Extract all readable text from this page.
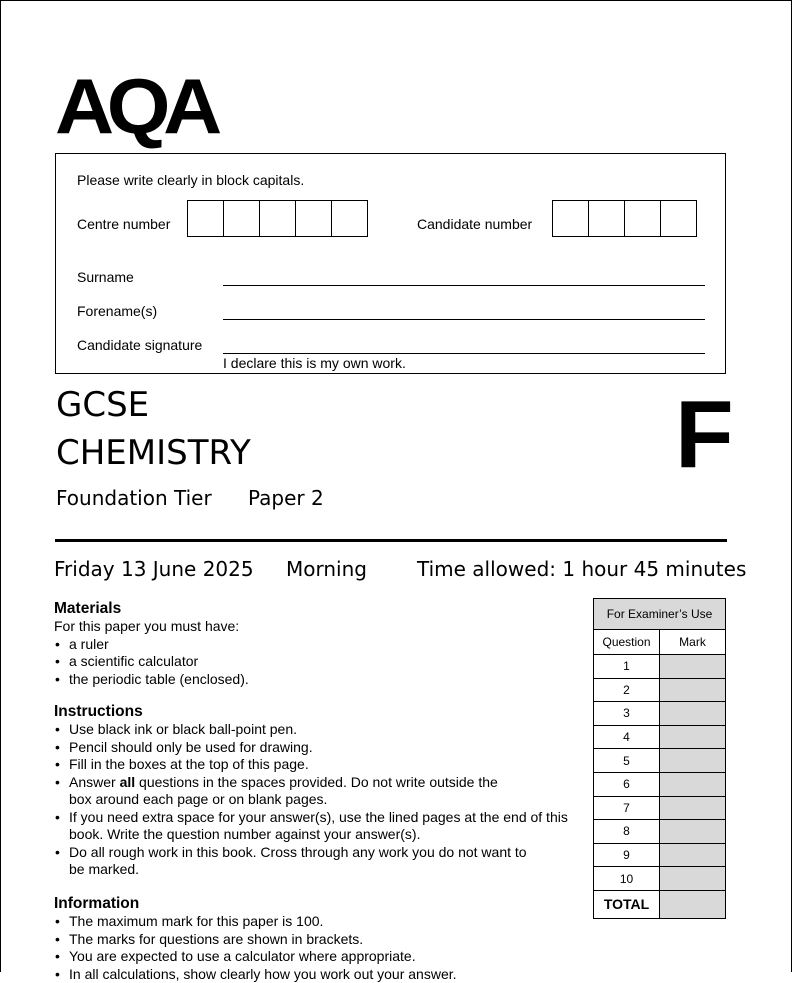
AQA
Please write clearly in block capitals.
Centre number	Candidate number
Surname
Forename(s)
Candidate signature
I declare this is my own work.
GCSE
CHEMISTRY
Foundation Tier Paper 2
F
Friday 13 June 2025 Morning	Time allowed: 1 hour 45 minutes
Materials
For this paper you must have:
• a ruler
• a scientific calculator
• the periodic table (enclosed).
Instructions
• Use black ink or black ball-point pen.
• Pencil should only be used for drawing.
• Fill in the boxes at the top of this page.
• Answer all questions in the spaces provided. Do not write outside the box around each page or on blank pages.
• If you need extra space for your answer(s), use the lined pages at the end of this book. Write the question number against your answer(s).
• Do all rough work in this book. Cross through any work you do not want to be marked.
Information
• The maximum mark for this paper is 100.
• The marks for questions are shown in brackets.
• You are expected to use a calculator where appropriate.
• In all calculations, show clearly how you work out your answer.
For Examiner’s Use
Question	Mark
1
2
3
4
5
6
7
8
9
10
TOTAL
